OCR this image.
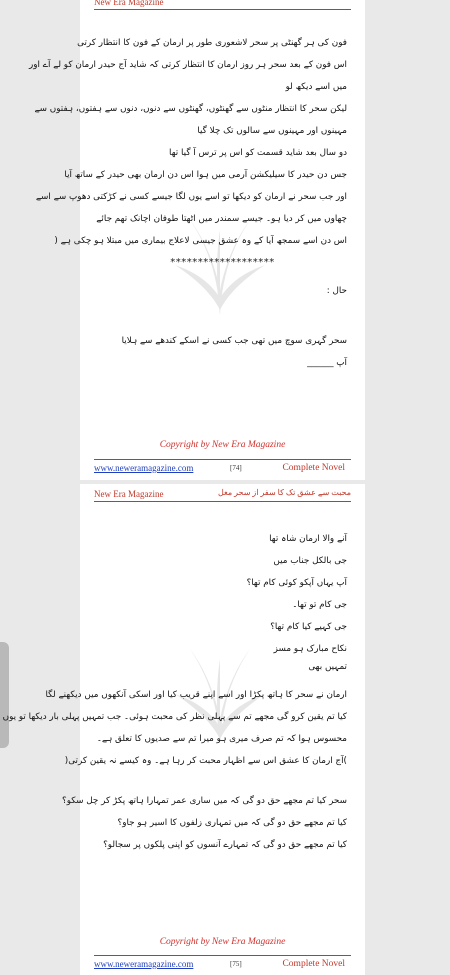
New Era Magazine
فون کی ہر گھنٹی پر سحر لاشعوری طور پر ارمان کے فون کا انتظار کرتی
اس فون کے بعد سحر ہر روز ارمان کا انتظار کرتی کہ شاید آج حیدر ارمان کو لے آے اور
میں اسے دیکھ لو
لیکن سحر کا انتظار منٹوں سے گھنٹوں، گھنٹوں سے دنوں، دنوں سے ہفتوں، ہفتوں سے
مہینوں اور مہینوں سے سالوں تک چلا گیا
دو سال بعد شاید قسمت کو اس پر ترس آ گیا تھا
جس دن حیدر کا سیلیکشن آرمی میں ہوا اس دن ارمان بھی حیدر کے ساتھ آیا
اور جب سحر نے ارمان کو دیکھا تو اسے یوں لگا جیسے کسی نے کڑکتی دھوپ سے اسے
چھاوں میں کر دیا ہو۔ جیسے سمندر میں اٹھتا طوفان اچانک تھم جائے
اس دن اسے سمجھ آیا کے وہ عشق جیسی لاعلاج بیماری میں مبتلا ہو چکی ہے (
*******************
حال :
سحر گہری سوچ میں تھی جب کسی نے اسکے کندھے سے ہلایا
آپ ______
Copyright by New Era Magazine
www.neweramagazine.com	[74]	Complete Novel
New Era Magazine	محبت سے عشق تک کا سفر از سحر مغل
آنے والا ارمان شاہ تھا
جی بالکل جناب میں
آپ یہاں آپکو کوئی کام تھا؟
جی کام تو تھا۔
جی کہیے کیا کام تھا؟
نکاح مبارک ہو مسز
تمہیں بھی
ارمان نے سحر کا ہاتھ پکڑا اور اسے اپنے قریب کیا اور اسکی آنکھوں میں دیکھنے لگا
کیا تم یقین کرو گی مجھے تم سے پہلی نظر کی محبت ہوئی۔ جب تمہیں پہلی بار دیکھا تو یوں
محسوس ہوا کہ تم صرف میری ہو میرا تم سے صدیوں کا تعلق ہے۔
)آج ارمان کا عشق اس سے اظہار محبت کر رہا ہے۔ وہ کیسے نہ یقین کرتی(
سحر کیا تم مجھے حق دو گی کہ میں ساری عمر تمہارا ہاتھ پکڑ کر چل سکو؟
کیا تم مجھے حق دو گی کہ میں تمہاری زلفوں کا اسیر ہو جاو؟
کیا تم مجھے حق دو گی کہ تمہارے آنسوں کو اپنی پلکوں پر سجالو؟
Copyright by New Era Magazine
www.neweramagazine.com	[75]	Complete Novel
